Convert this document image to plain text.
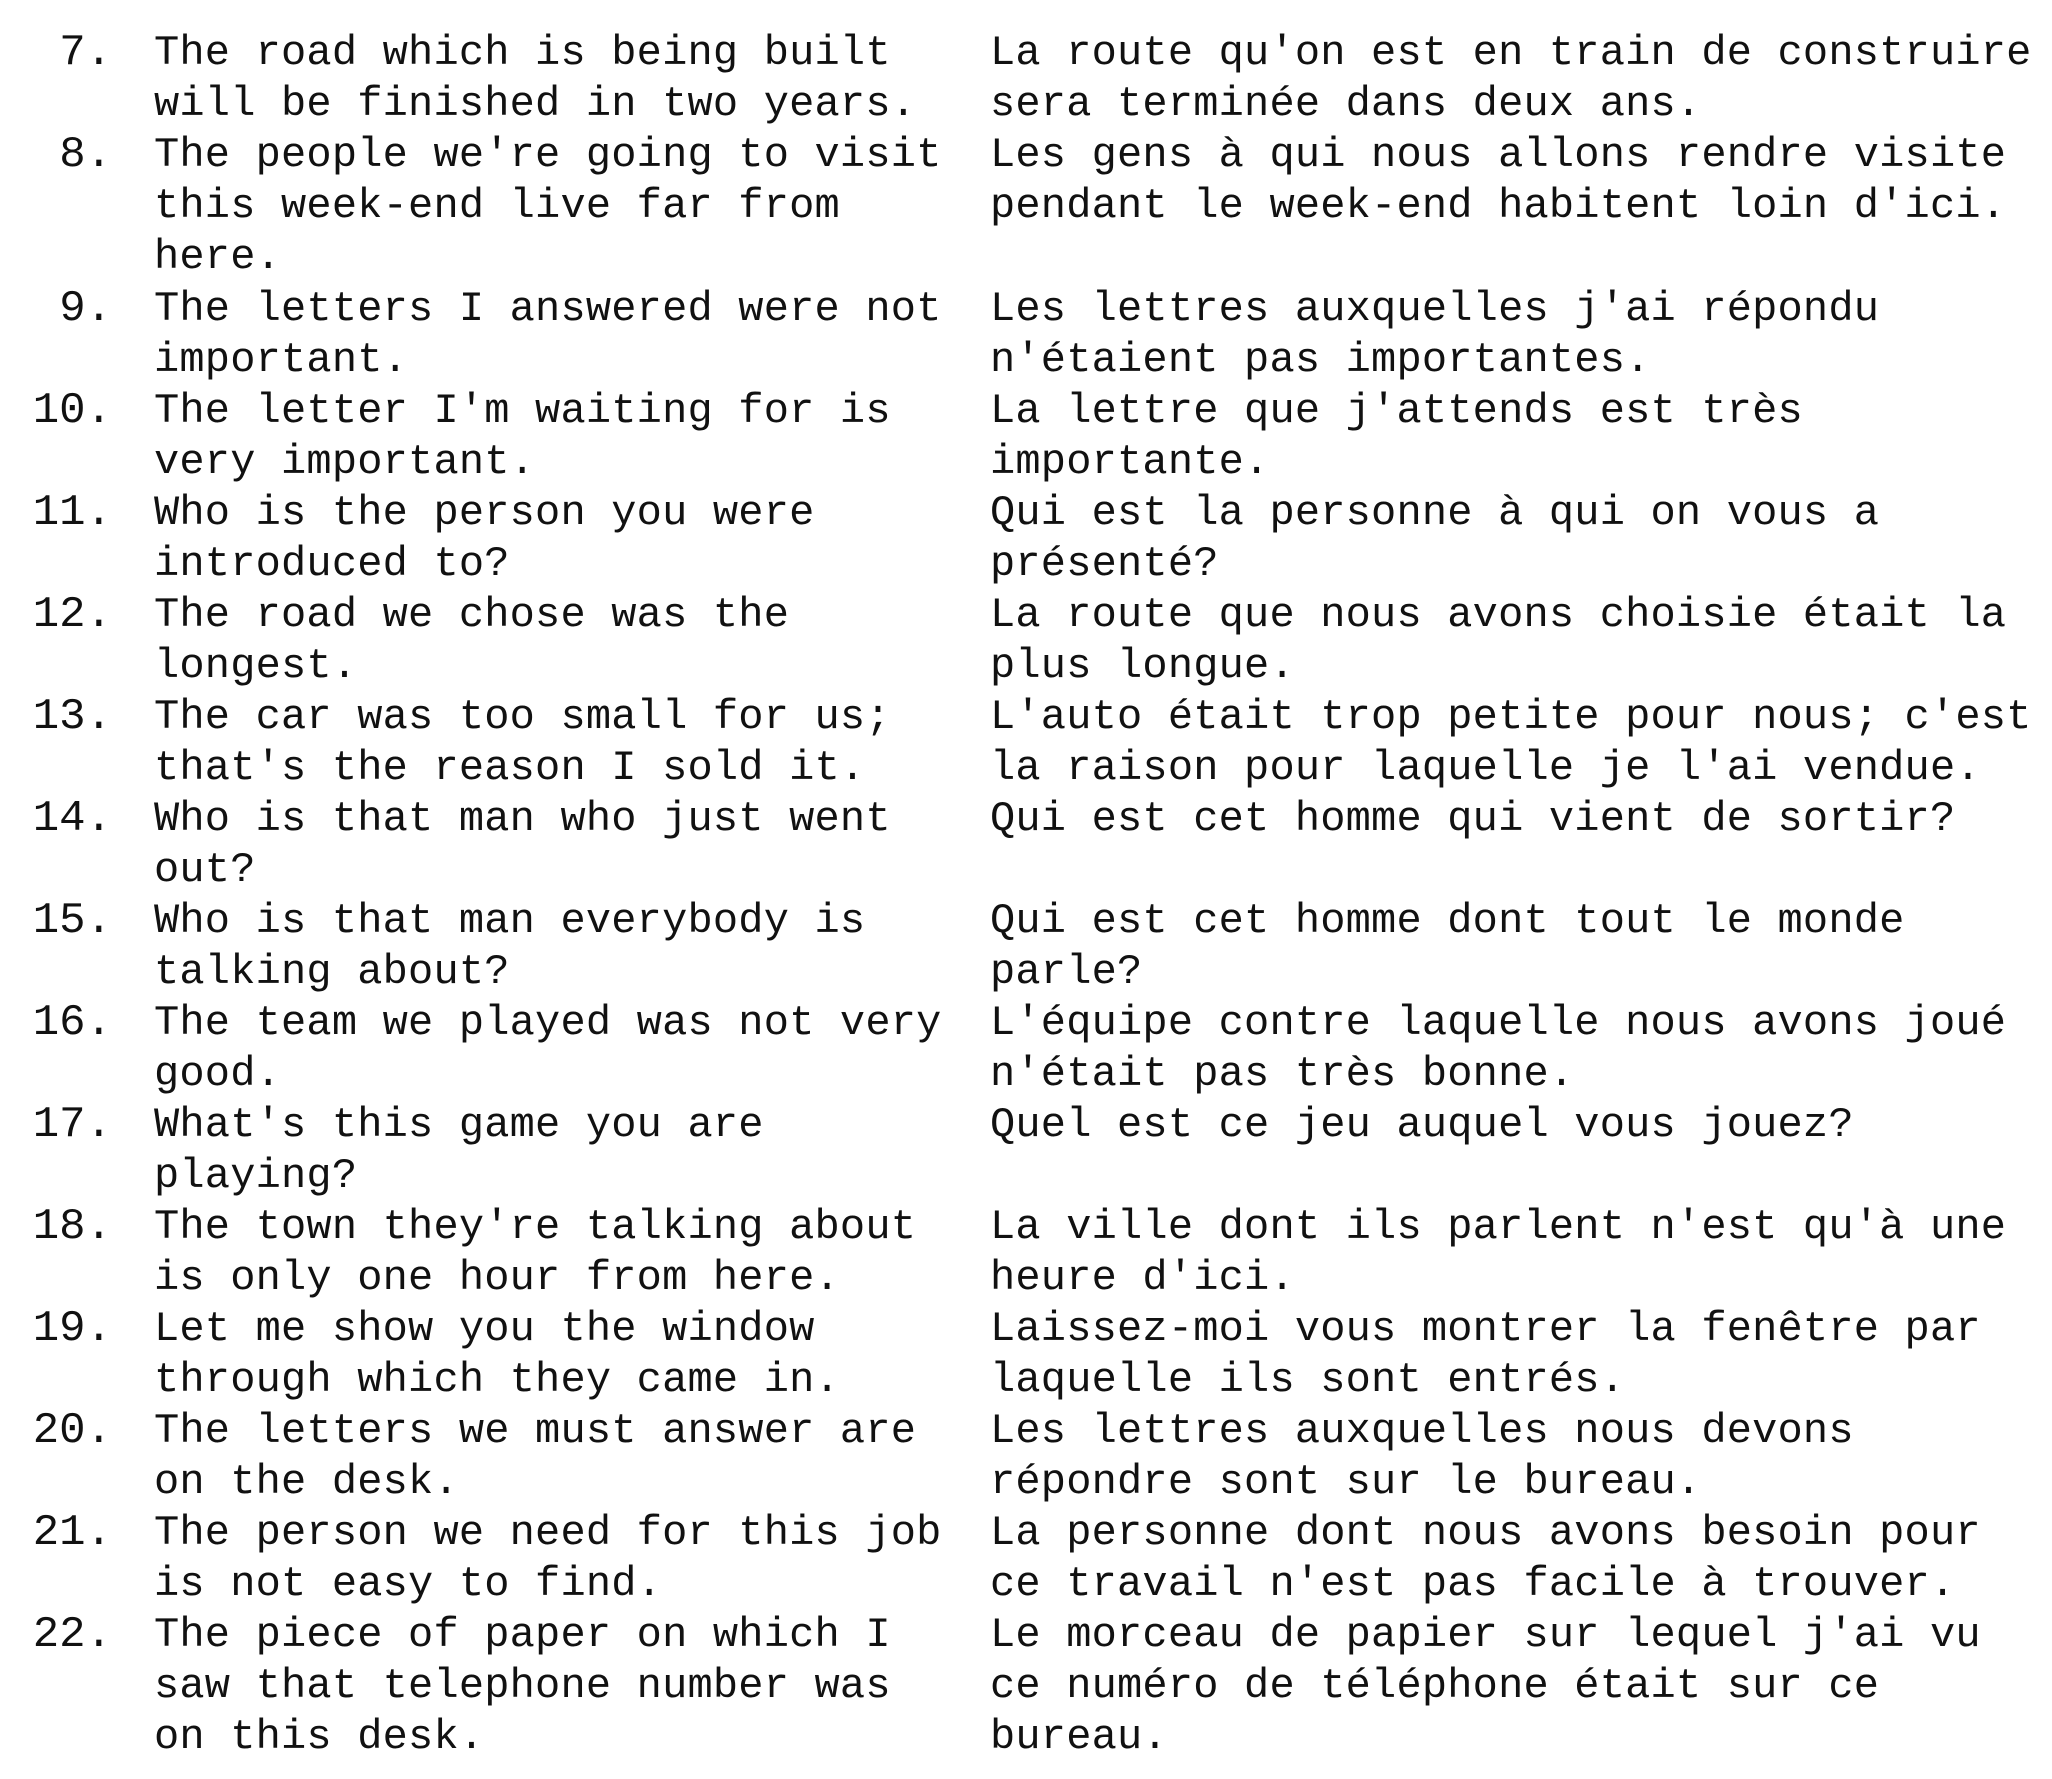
7. The road which is being built
will be finished in two years.
La route qu'on est en train de construire
sera terminée dans deux ans.
8. The people we're going to visit
this week-end live far from
here.
Les gens à qui nous allons rendre visite
pendant le week-end habitent loin d'ici.
9. The letters I answered were not
important.
Les lettres auxquelles j'ai répondu
n'étaient pas importantes.
10. The letter I'm waiting for is
very important.
La lettre que j'attends est très
importante.
11. Who is the person you were
introduced to?
Qui est la personne à qui on vous a
présenté?
12. The road we chose was the
longest.
La route que nous avons choisie était la
plus longue.
13. The car was too small for us;
that's the reason I sold it.
L'auto était trop petite pour nous; c'est
la raison pour laquelle je l'ai vendue.
14. Who is that man who just went
out?
Qui est cet homme qui vient de sortir?
15. Who is that man everybody is
talking about?
Qui est cet homme dont tout le monde
parle?
16. The team we played was not very
good.
L'équipe contre laquelle nous avons joué
n'était pas très bonne.
17. What's this game you are
playing?
Quel est ce jeu auquel vous jouez?
18. The town they're talking about
is only one hour from here.
La ville dont ils parlent n'est qu'à une
heure d'ici.
19. Let me show you the window
through which they came in.
Laissez-moi vous montrer la fenêtre par
laquelle ils sont entrés.
20. The letters we must answer are
on the desk.
Les lettres auxquelles nous devons
répondre sont sur le bureau.
21. The person we need for this job
is not easy to find.
La personne dont nous avons besoin pour
ce travail n'est pas facile à trouver.
22. The piece of paper on which I
saw that telephone number was
on this desk.
Le morceau de papier sur lequel j'ai vu
ce numéro de téléphone était sur ce
bureau.
